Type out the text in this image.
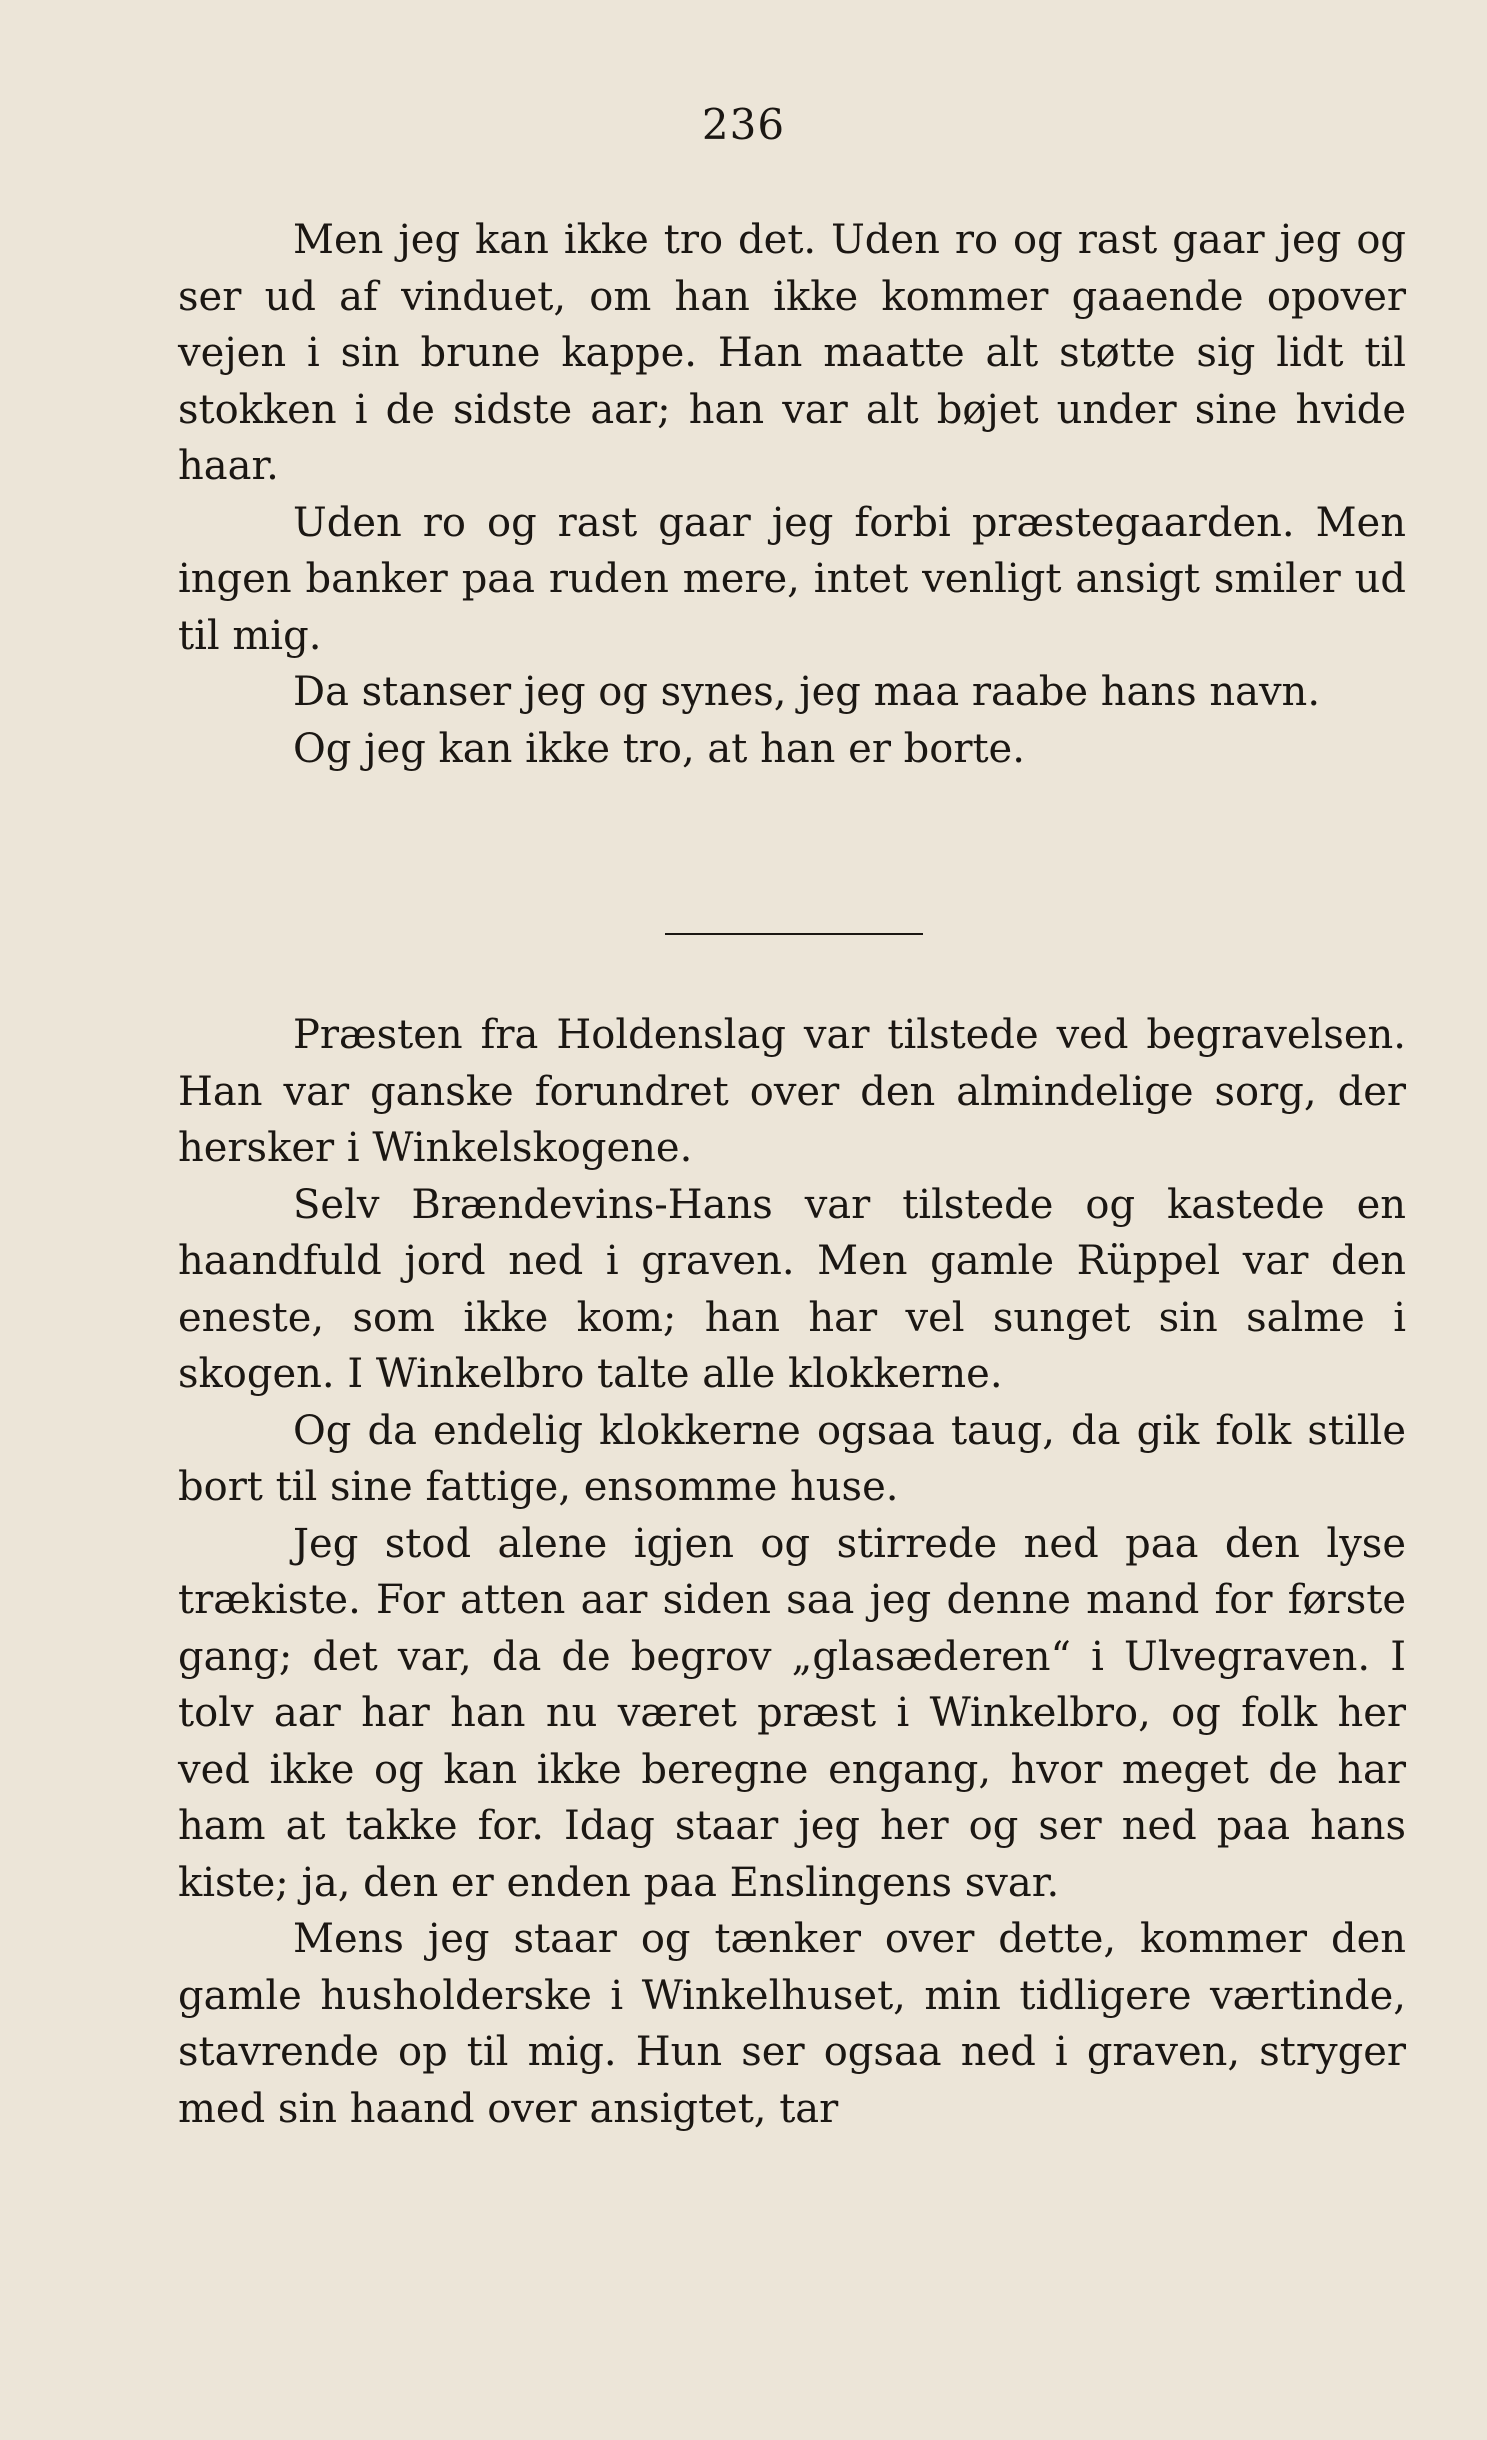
236

Men jeg kan ikke tro det. Uden ro og rast gaar jeg og ser ud af vinduet, om han ikke kommer gaaende opover vejen i sin brune kappe. Han maatte alt støtte sig lidt til stokken i de sidste aar; han var alt bøjet under sine hvide haar.

Uden ro og rast gaar jeg forbi præstegaarden. Men ingen banker paa ruden mere, intet venligt ansigt smiler ud til mig.

Da stanser jeg og synes, jeg maa raabe hans navn.

Og jeg kan ikke tro, at han er borte.

Præsten fra Holdenslag var tilstede ved begravelsen. Han var ganske forundret over den almindelige sorg, der hersker i Winkelskogene.

Selv Brændevins-Hans var tilstede og kastede en haandfuld jord ned i graven. Men gamle Rüppel var den eneste, som ikke kom; han har vel sunget sin salme i skogen. I Winkelbro talte alle klokkerne.

Og da endelig klokkerne ogsaa taug, da gik folk stille bort til sine fattige, ensomme huse.

Jeg stod alene igjen og stirrede ned paa den lyse trækiste. For atten aar siden saa jeg denne mand for første gang; det var, da de begrov „glasæderen“ i Ulvegraven. I tolv aar har han nu været præst i Winkelbro, og folk her ved ikke og kan ikke beregne engang, hvor meget de har ham at takke for. Idag staar jeg her og ser ned paa hans kiste; ja, den er enden paa Enslingens svar.

Mens jeg staar og tænker over dette, kommer den gamle husholderske i Winkelhuset, min tidligere værtinde, stavrende op til mig. Hun ser ogsaa ned i graven, stryger med sin haand over ansigtet, tar
